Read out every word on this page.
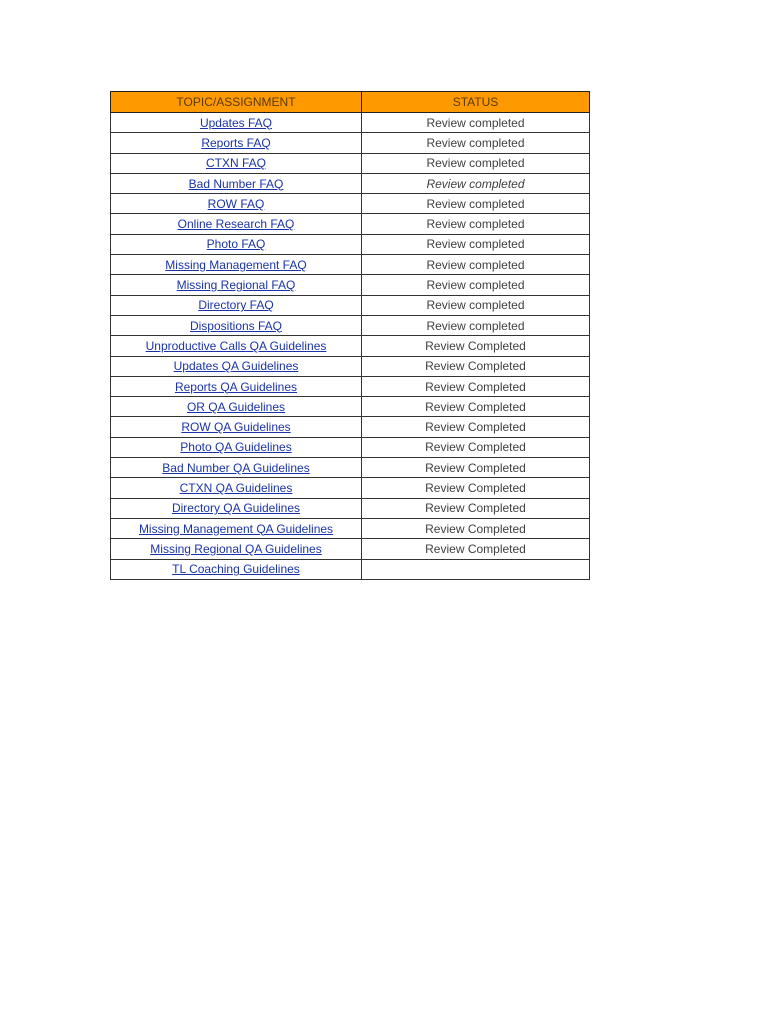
TOPIC/ASSIGNMENT	STATUS
Updates FAQ	Review completed
Reports FAQ	Review completed
CTXN FAQ	Review completed
Bad Number FAQ	Review completed
ROW FAQ	Review completed
Online Research FAQ	Review completed
Photo FAQ	Review completed
Missing Management FAQ	Review completed
Missing Regional FAQ	Review completed
Directory FAQ	Review completed
Dispositions FAQ	Review completed
Unproductive Calls QA Guidelines	Review Completed
Updates QA Guidelines	Review Completed
Reports QA Guidelines	Review Completed
OR QA Guidelines	Review Completed
ROW QA Guidelines	Review Completed
Photo QA Guidelines	Review Completed
Bad Number QA Guidelines	Review Completed
CTXN QA Guidelines	Review Completed
Directory QA Guidelines	Review Completed
Missing Management QA Guidelines	Review Completed
Missing Regional QA Guidelines	Review Completed
TL Coaching Guidelines	
